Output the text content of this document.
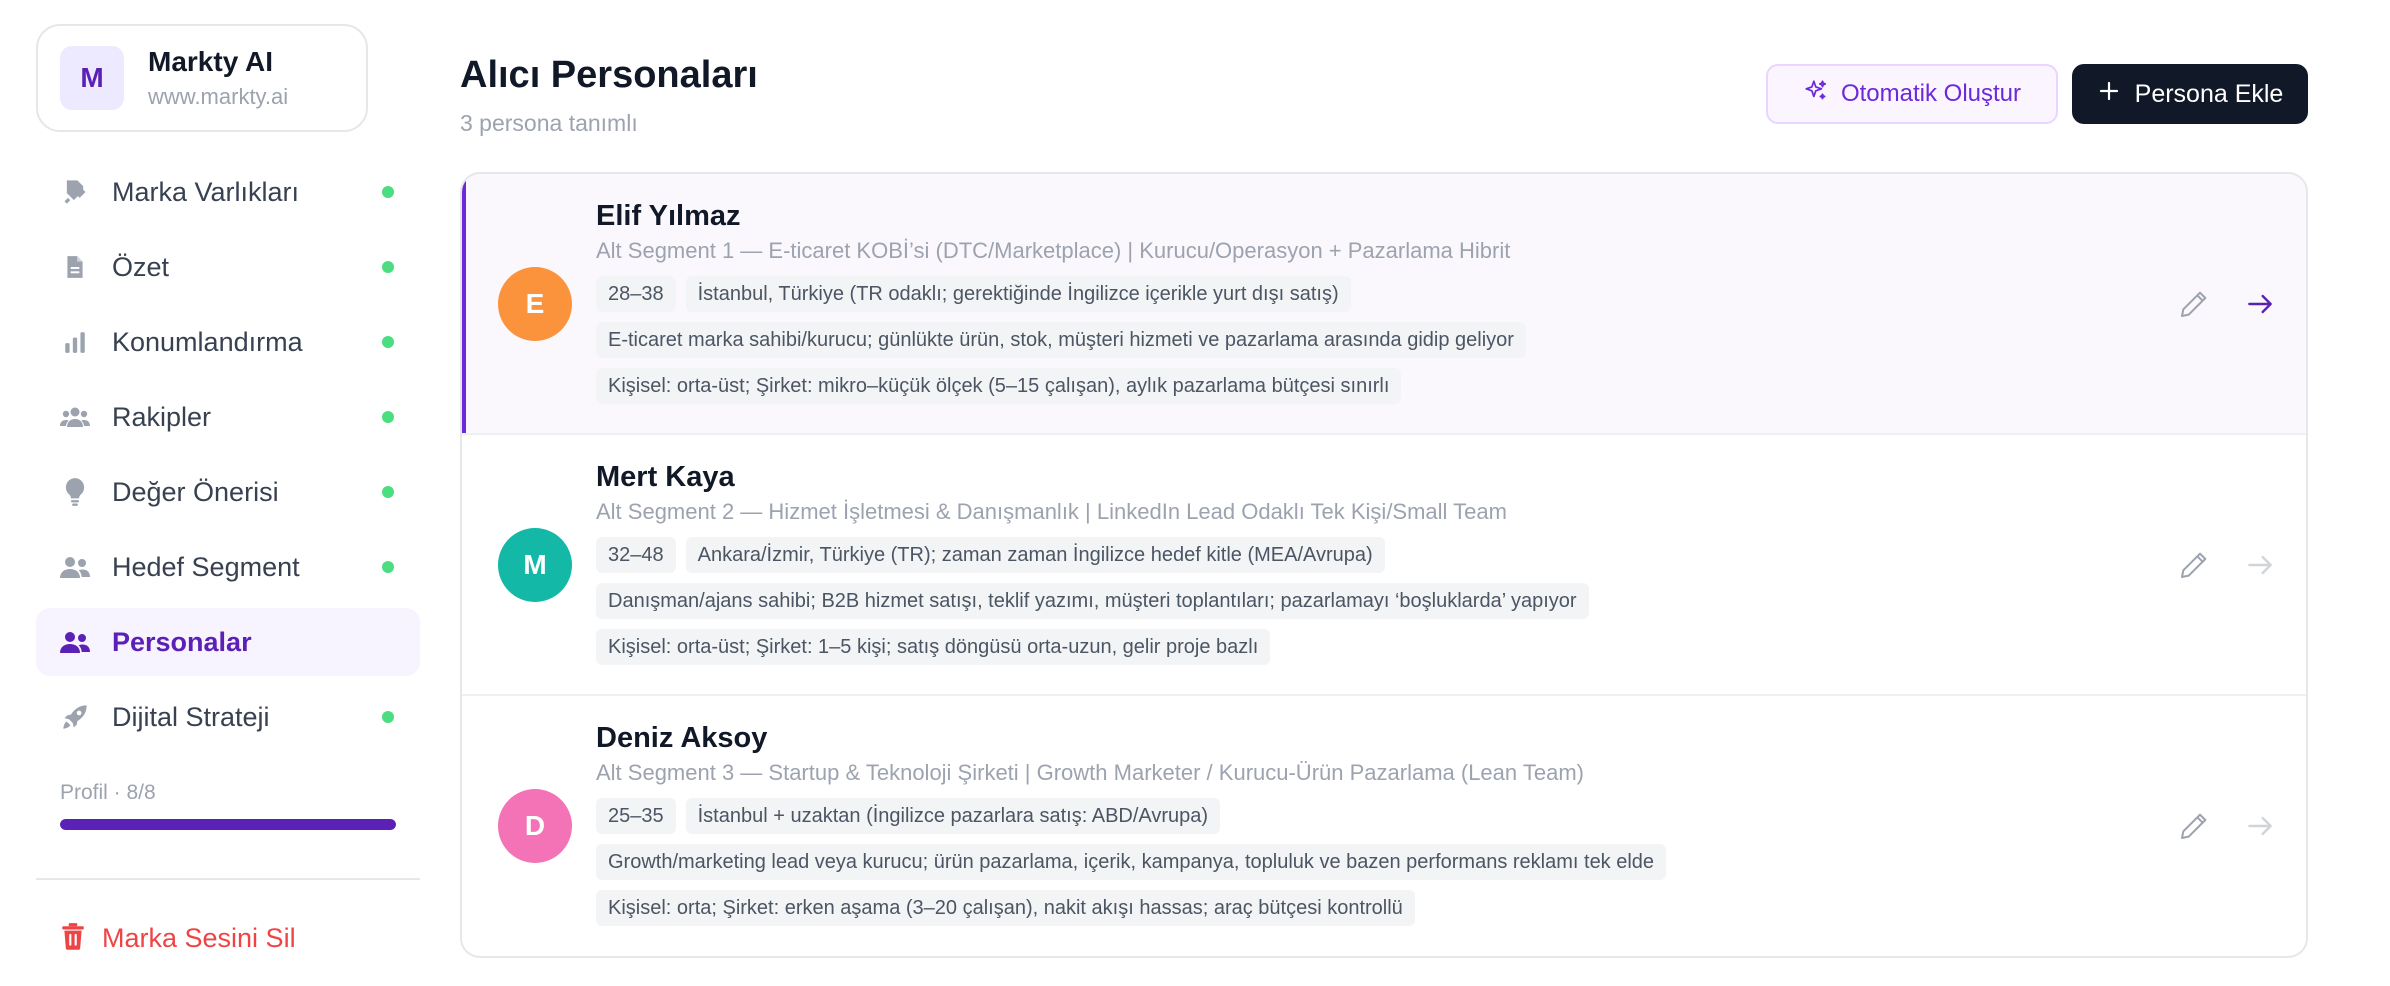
M
Markty AI
www.markty.ai
Marka Varlıkları
Özet
Konumlandırma
Rakipler
Değer Önerisi
Hedef Segment
Personalar
Dijital Strateji
Profil · 8/8
Marka Sesini Sil
Alıcı Personaları
3 persona tanımlı
Otomatik Oluştur	Persona Ekle
E
Elif Yılmaz
Alt Segment 1 — E-ticaret KOBİ’si (DTC/Marketplace) | Kurucu/Operasyon + Pazarlama Hibrit
28–38	İstanbul, Türkiye (TR odaklı; gerektiğinde İngilizce içerikle yurt dışı satış)
E-ticaret marka sahibi/kurucu; günlükte ürün, stok, müşteri hizmeti ve pazarlama arasında gidip geliyor
Kişisel: orta-üst; Şirket: mikro–küçük ölçek (5–15 çalışan), aylık pazarlama bütçesi sınırlı
M
Mert Kaya
Alt Segment 2 — Hizmet İşletmesi & Danışmanlık | LinkedIn Lead Odaklı Tek Kişi/Small Team
32–48	Ankara/İzmir, Türkiye (TR); zaman zaman İngilizce hedef kitle (MEA/Avrupa)
Danışman/ajans sahibi; B2B hizmet satışı, teklif yazımı, müşteri toplantıları; pazarlamayı ‘boşluklarda’ yapıyor
Kişisel: orta-üst; Şirket: 1–5 kişi; satış döngüsü orta-uzun, gelir proje bazlı
D
Deniz Aksoy
Alt Segment 3 — Startup & Teknoloji Şirketi | Growth Marketer / Kurucu-Ürün Pazarlama (Lean Team)
25–35	İstanbul + uzaktan (İngilizce pazarlara satış: ABD/Avrupa)
Growth/marketing lead veya kurucu; ürün pazarlama, içerik, kampanya, topluluk ve bazen performans reklamı tek elde
Kişisel: orta; Şirket: erken aşama (3–20 çalışan), nakit akışı hassas; araç bütçesi kontrollü
